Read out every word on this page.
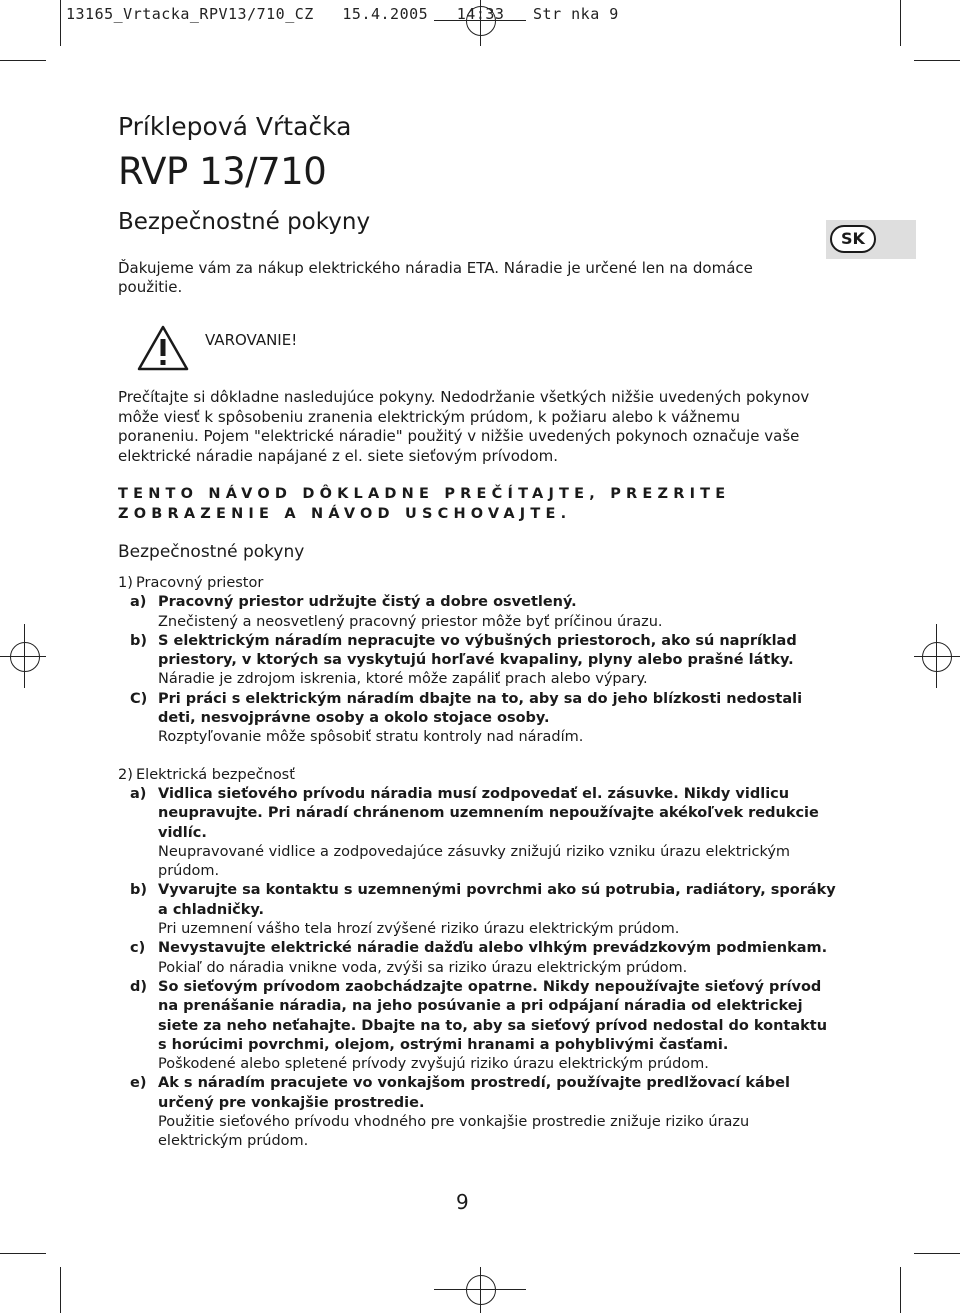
13165_Vrtacka_RPV13/710_CZ   15.4.2005   14:33   Str nka 9
Príklepová Vŕtačka
RVP 13/710
Bezpečnostné pokyny
SK
Ďakujeme vám za nákup elektrického náradia ETA. Náradie je určené len na domáce použitie.
VAROVANIE!
Prečítajte si dôkladne nasledujúce pokyny. Nedodržanie všetkých nižšie uvedených pokynov môže viesť k spôsobeniu zranenia elektrickým prúdom, k požiaru alebo k vážnemu poraneniu. Pojem "elektrické náradie" použitý v nižšie uvedených pokynoch označuje vaše elektrické náradie napájané z el. siete sieťovým prívodom.
TENTO NÁVOD DÔKLADNE PREČÍTAJTE, PREZRITE ZOBRAZENIE A NÁVOD USCHOVAJTE.
Bezpečnostné pokyny
1) Pracovný priestor
a) Pracovný priestor udržujte čistý a dobre osvetlený.
Znečistený a neosvetlený pracovný priestor môže byť príčinou úrazu.
b) S elektrickým náradím nepracujte vo výbušných priestoroch, ako sú napríklad priestory, v ktorých sa vyskytujú horľavé kvapaliny, plyny alebo prašné látky.
Náradie je zdrojom iskrenia, ktoré môže zapáliť prach alebo výpary.
C) Pri práci s elektrickým náradím dbajte na to, aby sa do jeho blízkosti nedostali deti, nesvojprávne osoby a okolo stojace osoby.
Rozptyľovanie môže spôsobiť stratu kontroly nad náradím.
2) Elektrická bezpečnosť
a) Vidlica sieťového prívodu náradia musí zodpovedať el. zásuvke. Nikdy vidlicu neupravujte. Pri náradí chránenom uzemnením nepoužívajte akékoľvek redukcie vidlíc.
Neupravované vidlice a zodpovedajúce zásuvky znižujú riziko vzniku úrazu elektrickým prúdom.
b) Vyvarujte sa kontaktu s uzemnenými povrchmi ako sú potrubia, radiátory, sporáky a chladničky.
Pri uzemnení vášho tela hrozí zvýšené riziko úrazu elektrickým prúdom.
c) Nevystavujte elektrické náradie dažďu alebo vlhkým prevádzkovým podmienkam.
Pokiaľ do náradia vnikne voda, zvýši sa riziko úrazu elektrickým prúdom.
d) So sieťovým prívodom zaobchádzajte opatrne. Nikdy nepoužívajte sieťový prívod na prenášanie náradia, na jeho posúvanie a pri odpájaní náradia od elektrickej siete za neho neťahajte. Dbajte na to, aby sa sieťový prívod nedostal do kontaktu s horúcimi povrchmi, olejom, ostrými hranami a pohyblivými časťami.
Poškodené alebo spletené prívody zvyšujú riziko úrazu elektrickým prúdom.
e) Ak s náradím pracujete vo vonkajšom prostredí, používajte predlžovací kábel určený pre vonkajšie prostredie.
Použitie sieťového prívodu vhodného pre vonkajšie prostredie znižuje riziko úrazu elektrickým prúdom.
9
